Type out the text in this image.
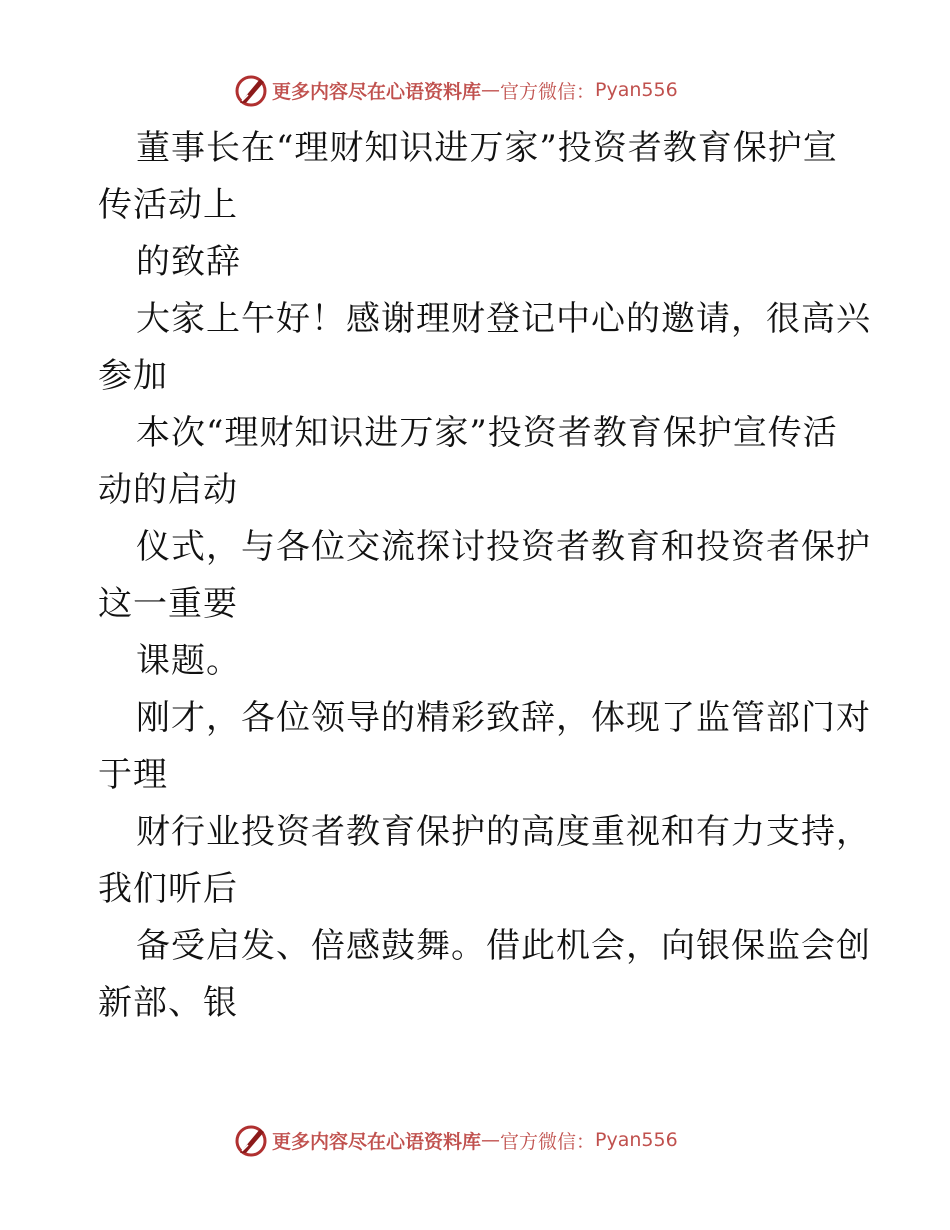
更多内容尽在心语资料库 — 官方微信： Pyan556
董事长在“理财知识进万家”投资者教育保护宣
传活动上
的致辞
大家上午好！感谢理财登记中心的邀请，很高兴
参加
本次“理财知识进万家”投资者教育保护宣传活
动的启动
仪式，与各位交流探讨投资者教育和投资者保护
这一重要
课题。
刚才，各位领导的精彩致辞，体现了监管部门对
于理
财行业投资者教育保护的高度重视和有力支持，
我们听后
备受启发、倍感鼓舞。借此机会，向银保监会创
新部、银
更多内容尽在心语资料库 — 官方微信： Pyan556
